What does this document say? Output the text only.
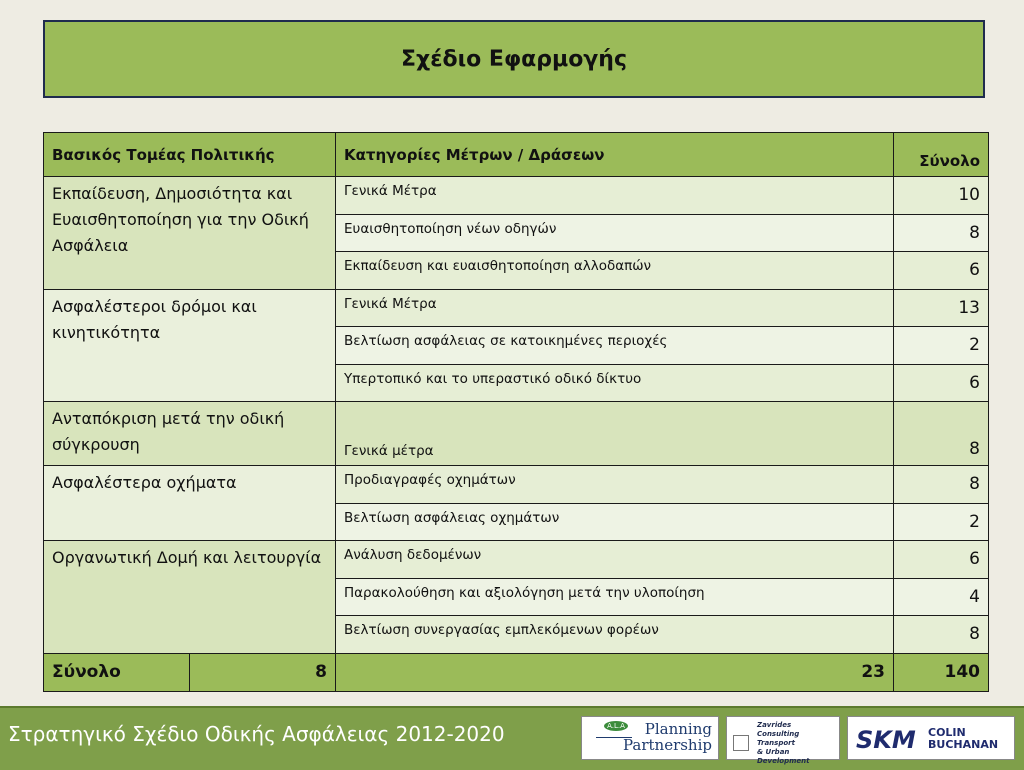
Σχέδιο Εφαρμογής
Βασικός Τομέας Πολιτικής		Κατηγορίες Μέτρων / Δράσεων	Σύνολο
Εκπαίδευση, Δημοσιότητα και Ευαισθητοποίηση για την Οδική Ασφάλεια		Γενικά Μέτρα	10
		Ευαισθητοποίηση νέων οδηγών	8
		Εκπαίδευση και ευαισθητοποίηση αλλοδαπών	6
Ασφαλέστεροι δρόμοι και κινητικότητα		Γενικά Μέτρα	13
		Βελτίωση ασφάλειας σε κατοικημένες περιοχές	2
		Υπερτοπικό και το υπεραστικό οδικό δίκτυο	6
Ανταπόκριση μετά την οδική σύγκρουση		Γενικά μέτρα	8
Ασφαλέστερα οχήματα		Προδιαγραφές οχημάτων	8
		Βελτίωση ασφάλειας οχημάτων	2
Οργανωτική Δομή και λειτουργία		Ανάλυση δεδομένων	6
		Παρακολούθηση και αξιολόγηση μετά την υλοποίηση	4
		Βελτίωση συνεργασίας εμπλεκόμενων φορέων	8
Σύνολο	8	23	140
Στρατηγικό Σχέδιο Οδικής Ασφάλειας 2012-2020	A.L.A	Planning
Partnership
Zavrides
Consulting
Transport
& Urban Development
SKM COLIN
BUCHANAN
